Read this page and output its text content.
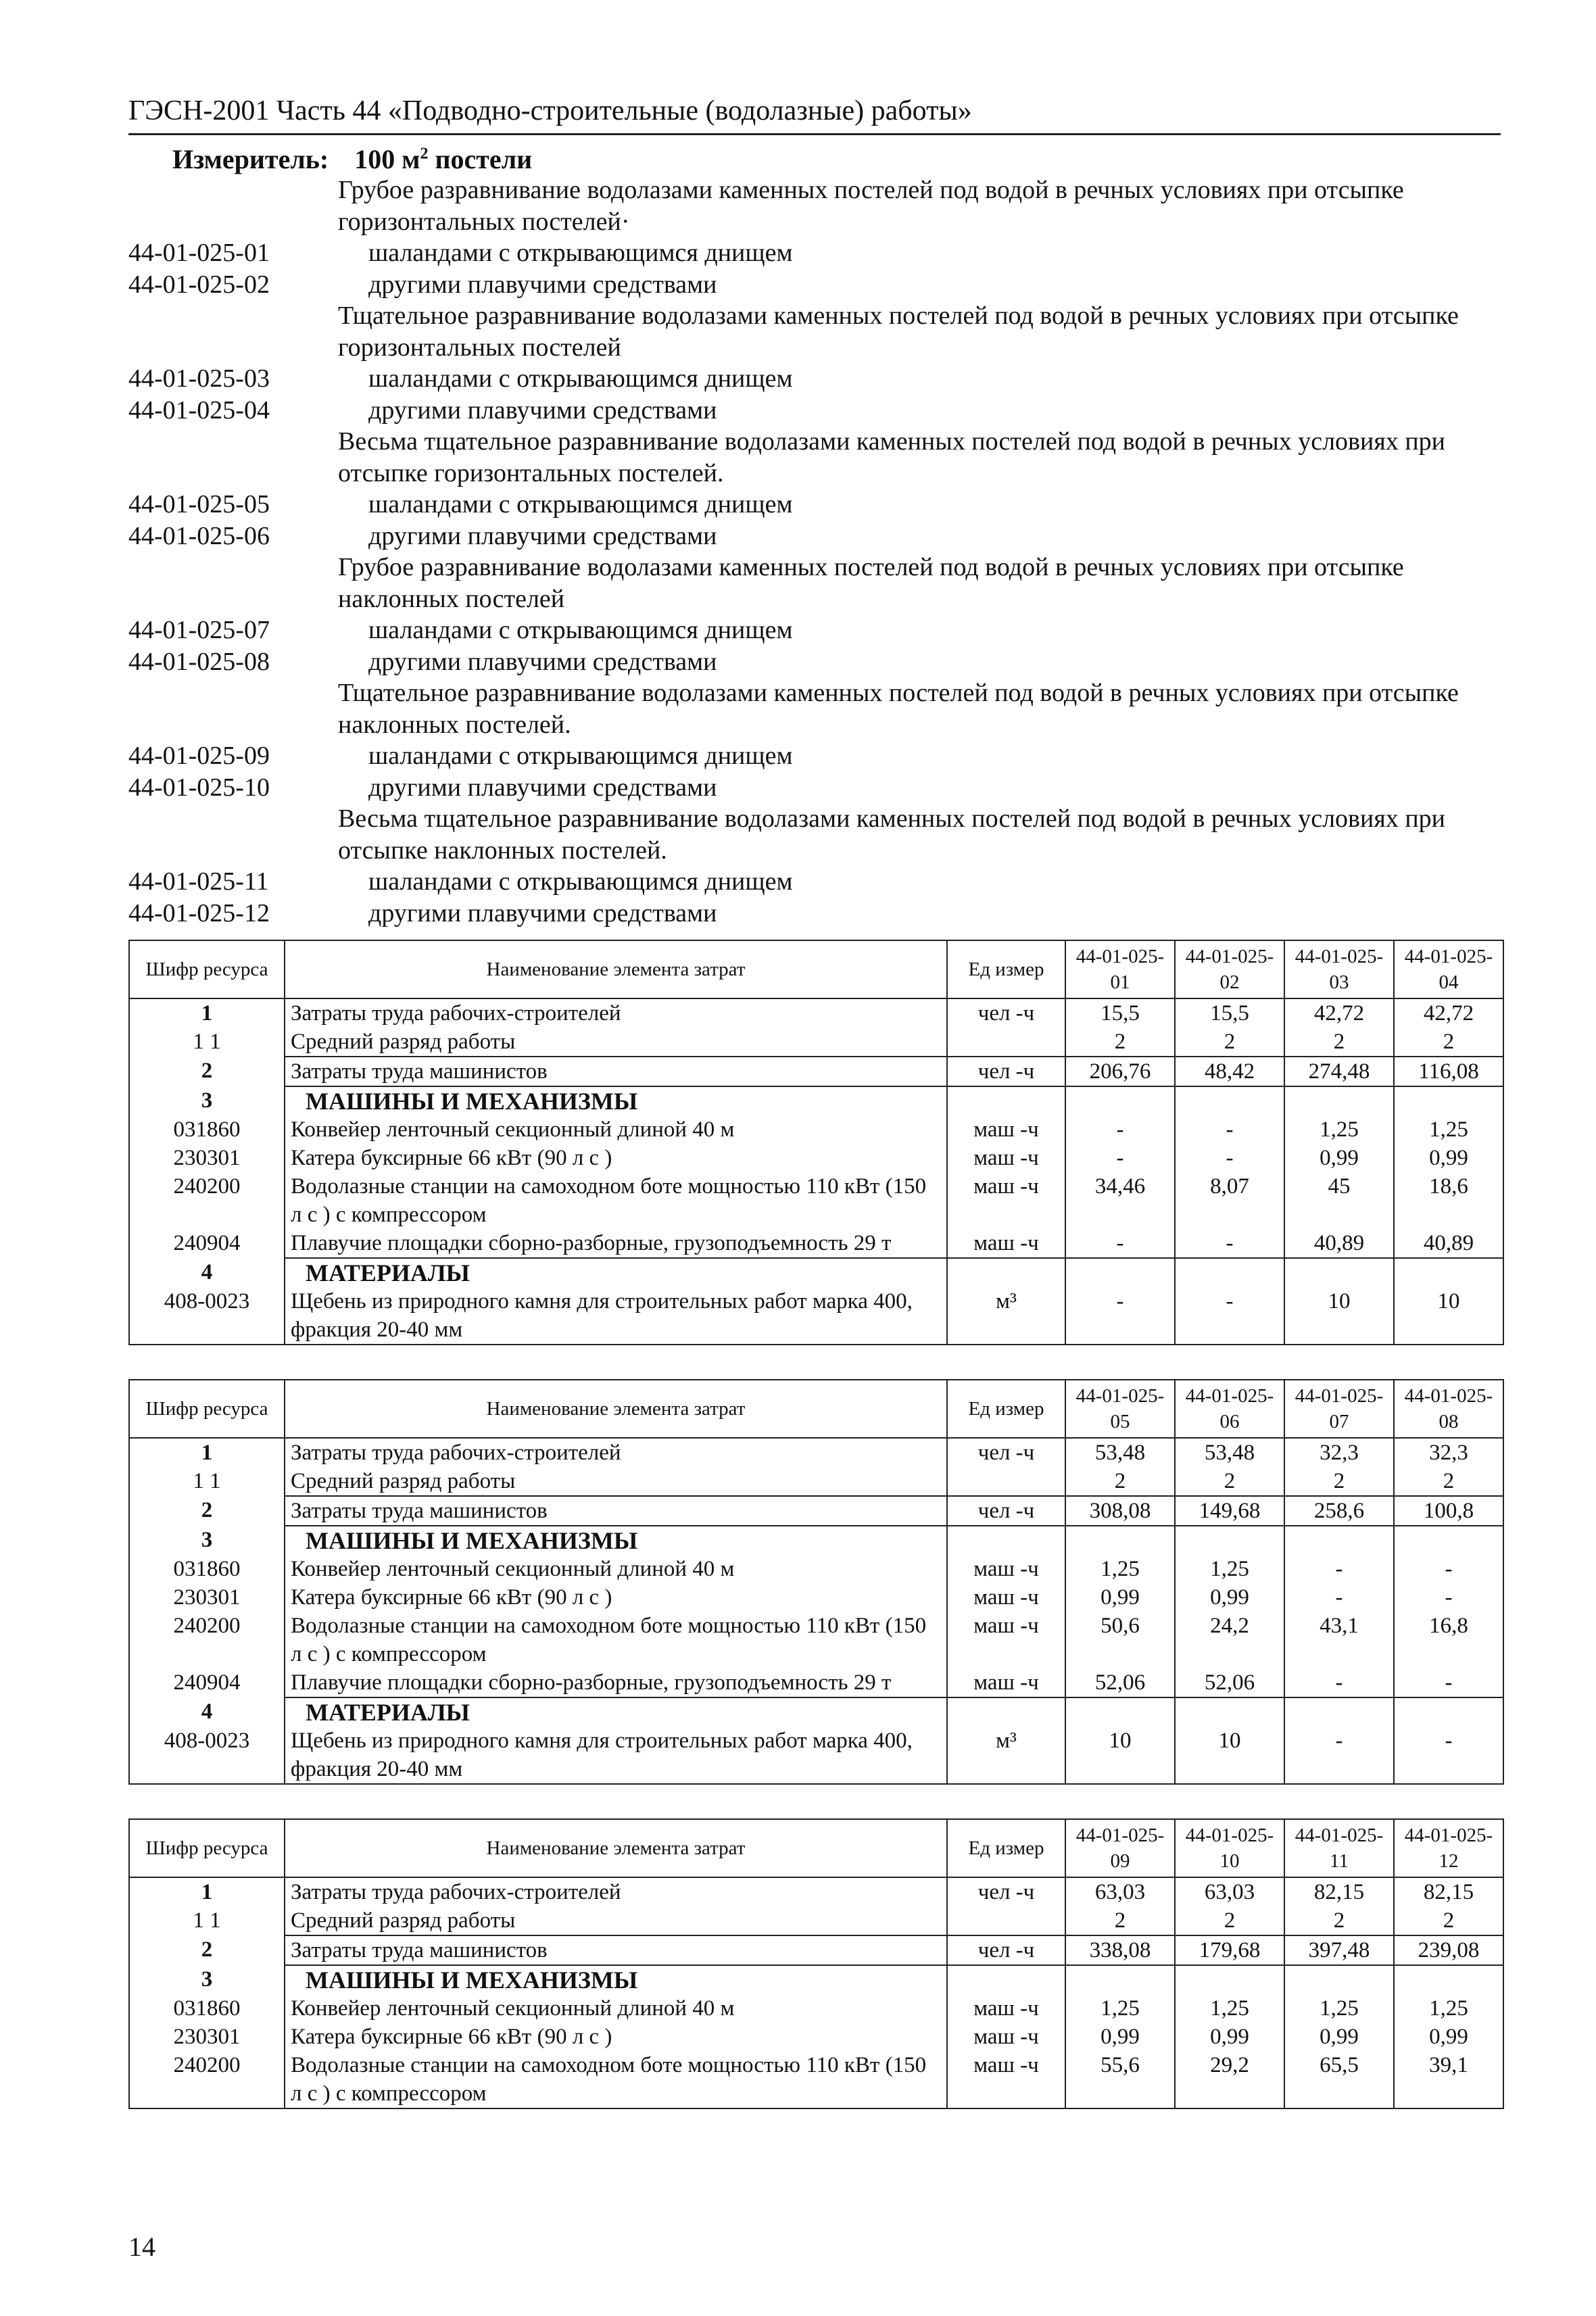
ГЭСН-2001 Часть 44 «Подводно-строительные (водолазные) работы»
Измеритель: 100 $м^2$ постели
Грубое разравнивание водолазами каменных постелей под водой в речных условиях при отсыпке горизонтальных постелей·
44-01-025-01	шаландами с открывающимся днищем
44-01-025-02	другими плавучими средствами
Тщательное разравнивание водолазами каменных постелей под водой в речных условиях при отсыпке горизонтальных постелей
44-01-025-03	шаландами с открывающимся днищем
44-01-025-04	другими плавучими средствами
Весьма тщательное разравнивание водолазами каменных постелей под водой в речных условиях при отсыпке горизонтальных постелей.
44-01-025-05	шаландами с открывающимся днищем
44-01-025-06	другими плавучими средствами
Грубое разравнивание водолазами каменных постелей под водой в речных условиях при отсыпке наклонных постелей
44-01-025-07	шаландами с открывающимся днищем
44-01-025-08	другими плавучими средствами
Тщательное разравнивание водолазами каменных постелей под водой в речных условиях при отсыпке наклонных постелей.
44-01-025-09	шаландами с открывающимся днищем
44-01-025-10	другими плавучими средствами
Весьма тщательное разравнивание водолазами каменных постелей под водой в речных условиях при отсыпке наклонных постелей.
44-01-025-11	шаландами с открывающимся днищем
44-01-025-12	другими плавучими средствами
Шифр ресурса	Наименование элемента затрат	Ед измер	44-01-025-01	44-01-025-02	44-01-025-03	44-01-025-04
1	Затраты труда рабочих-строителей	чел -ч	15,5	15,5	42,72	42,72
1 1	Средний разряд работы		2	2	2	2
2	Затраты труда машинистов	чел -ч	206,76	48,42	274,48	116,08
3	МАШИНЫ И МЕХАНИЗМЫ					
031860	Конвейер ленточный секционный длиной 40 м	маш -ч	-	-	1,25	1,25
230301	Катера буксирные 66 кВт (90 л с )	маш -ч	-	-	0,99	0,99
240200	Водолазные станции на самоходном боте мощностью 110 кВт (150 л с ) с компрессором	маш -ч	34,46	8,07	45	18,6
240904	Плавучие площадки сборно-разборные, грузоподъемность 29 т	маш -ч	-	-	40,89	40,89
4	МАТЕРИАЛЫ					
408-0023	Щебень из природного камня для строительных работ марка 400, фракция 20-40 мм	м³	-	-	10	10
Шифр ресурса	Наименование элемента затрат	Ед измер	44-01-025-05	44-01-025-06	44-01-025-07	44-01-025-08
1	Затраты труда рабочих-строителей	чел -ч	53,48	53,48	32,3	32,3
1 1	Средний разряд работы		2	2	2	2
2	Затраты труда машинистов	чел -ч	308,08	149,68	258,6	100,8
3	МАШИНЫ И МЕХАНИЗМЫ					
031860	Конвейер ленточный секционный длиной 40 м	маш -ч	1,25	1,25	-	-
230301	Катера буксирные 66 кВт (90 л с )	маш -ч	0,99	0,99	-	-
240200	Водолазные станции на самоходном боте мощностью 110 кВт (150 л с ) с компрессором	маш -ч	50,6	24,2	43,1	16,8
240904	Плавучие площадки сборно-разборные, грузоподъемность 29 т	маш -ч	52,06	52,06	-	-
4	МАТЕРИАЛЫ					
408-0023	Щебень из природного камня для строительных работ марка 400, фракция 20-40 мм	м³	10	10	-	-
Шифр ресурса	Наименование элемента затрат	Ед измер	44-01-025-09	44-01-025-10	44-01-025-11	44-01-025-12
1	Затраты труда рабочих-строителей	чел -ч	63,03	63,03	82,15	82,15
1 1	Средний разряд работы		2	2	2	2
2	Затраты труда машинистов	чел -ч	338,08	179,68	397,48	239,08
3	МАШИНЫ И МЕХАНИЗМЫ					
031860	Конвейер ленточный секционный длиной 40 м	маш -ч	1,25	1,25	1,25	1,25
230301	Катера буксирные 66 кВт (90 л с )	маш -ч	0,99	0,99	0,99	0,99
240200	Водолазные станции на самоходном боте мощностью 110 кВт (150 л с ) с компрессором	маш -ч	55,6	29,2	65,5	39,1
14
